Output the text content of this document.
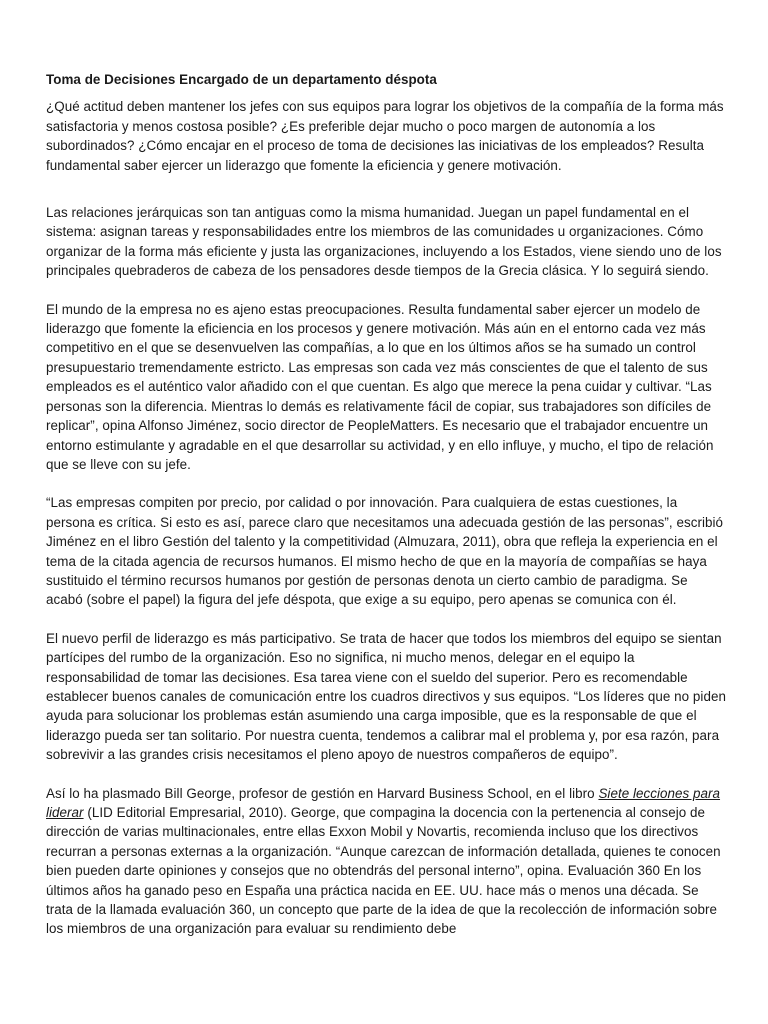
Toma de Decisiones Encargado de un departamento déspota

¿Qué actitud deben mantener los jefes con sus equipos para lograr los objetivos de la compañía de la forma más satisfactoria y menos costosa posible? ¿Es preferible dejar mucho o poco margen de autonomía a los subordinados? ¿Cómo encajar en el proceso de toma de decisiones las iniciativas de los empleados? Resulta fundamental saber ejercer un liderazgo que fomente la eficiencia y genere motivación.

Las relaciones jerárquicas son tan antiguas como la misma humanidad. Juegan un papel fundamental en el sistema: asignan tareas y responsabilidades entre los miembros de las comunidades u organizaciones. Cómo organizar de la forma más eficiente y justa las organizaciones, incluyendo a los Estados, viene siendo uno de los principales quebraderos de cabeza de los pensadores desde tiempos de la Grecia clásica. Y lo seguirá siendo.

El mundo de la empresa no es ajeno estas preocupaciones. Resulta fundamental saber ejercer un modelo de liderazgo que fomente la eficiencia en los procesos y genere motivación. Más aún en el entorno cada vez más competitivo en el que se desenvuelven las compañías, a lo que en los últimos años se ha sumado un control presupuestario tremendamente estricto. Las empresas son cada vez más conscientes de que el talento de sus empleados es el auténtico valor añadido con el que cuentan. Es algo que merece la pena cuidar y cultivar. “Las personas son la diferencia. Mientras lo demás es relativamente fácil de copiar, sus trabajadores son difíciles de replicar”, opina Alfonso Jiménez, socio director de PeopleMatters. Es necesario que el trabajador encuentre un entorno estimulante y agradable en el que desarrollar su actividad, y en ello influye, y mucho, el tipo de relación que se lleve con su jefe.

“Las empresas compiten por precio, por calidad o por innovación. Para cualquiera de estas cuestiones, la persona es crítica. Si esto es así, parece claro que necesitamos una adecuada gestión de las personas”, escribió Jiménez en el libro Gestión del talento y la competitividad (Almuzara, 2011), obra que refleja la experiencia en el tema de la citada agencia de recursos humanos. El mismo hecho de que en la mayoría de compañías se haya sustituido el término recursos humanos por gestión de personas denota un cierto cambio de paradigma. Se acabó (sobre el papel) la figura del jefe déspota, que exige a su equipo, pero apenas se comunica con él.

El nuevo perfil de liderazgo es más participativo. Se trata de hacer que todos los miembros del equipo se sientan partícipes del rumbo de la organización. Eso no significa, ni mucho menos, delegar en el equipo la responsabilidad de tomar las decisiones. Esa tarea viene con el sueldo del superior. Pero es recomendable establecer buenos canales de comunicación entre los cuadros directivos y sus equipos. “Los líderes que no piden ayuda para solucionar los problemas están asumiendo una carga imposible, que es la responsable de que el liderazgo pueda ser tan solitario. Por nuestra cuenta, tendemos a calibrar mal el problema y, por esa razón, para sobrevivir a las grandes crisis necesitamos el pleno apoyo de nuestros compañeros de equipo”.

Así lo ha plasmado Bill George, profesor de gestión en Harvard Business School, en el libro Siete lecciones para liderar (LID Editorial Empresarial, 2010). George, que compagina la docencia con la pertenencia al consejo de dirección de varias multinacionales, entre ellas Exxon Mobil y Novartis, recomienda incluso que los directivos recurran a personas externas a la organización. “Aunque carezcan de información detallada, quienes te conocen bien pueden darte opiniones y consejos que no obtendrás del personal interno”, opina. Evaluación 360 En los últimos años ha ganado peso en España una práctica nacida en EE. UU. hace más o menos una década. Se trata de la llamada evaluación 360, un concepto que parte de la idea de que la recolección de información sobre los miembros de una organización para evaluar su rendimiento debe
